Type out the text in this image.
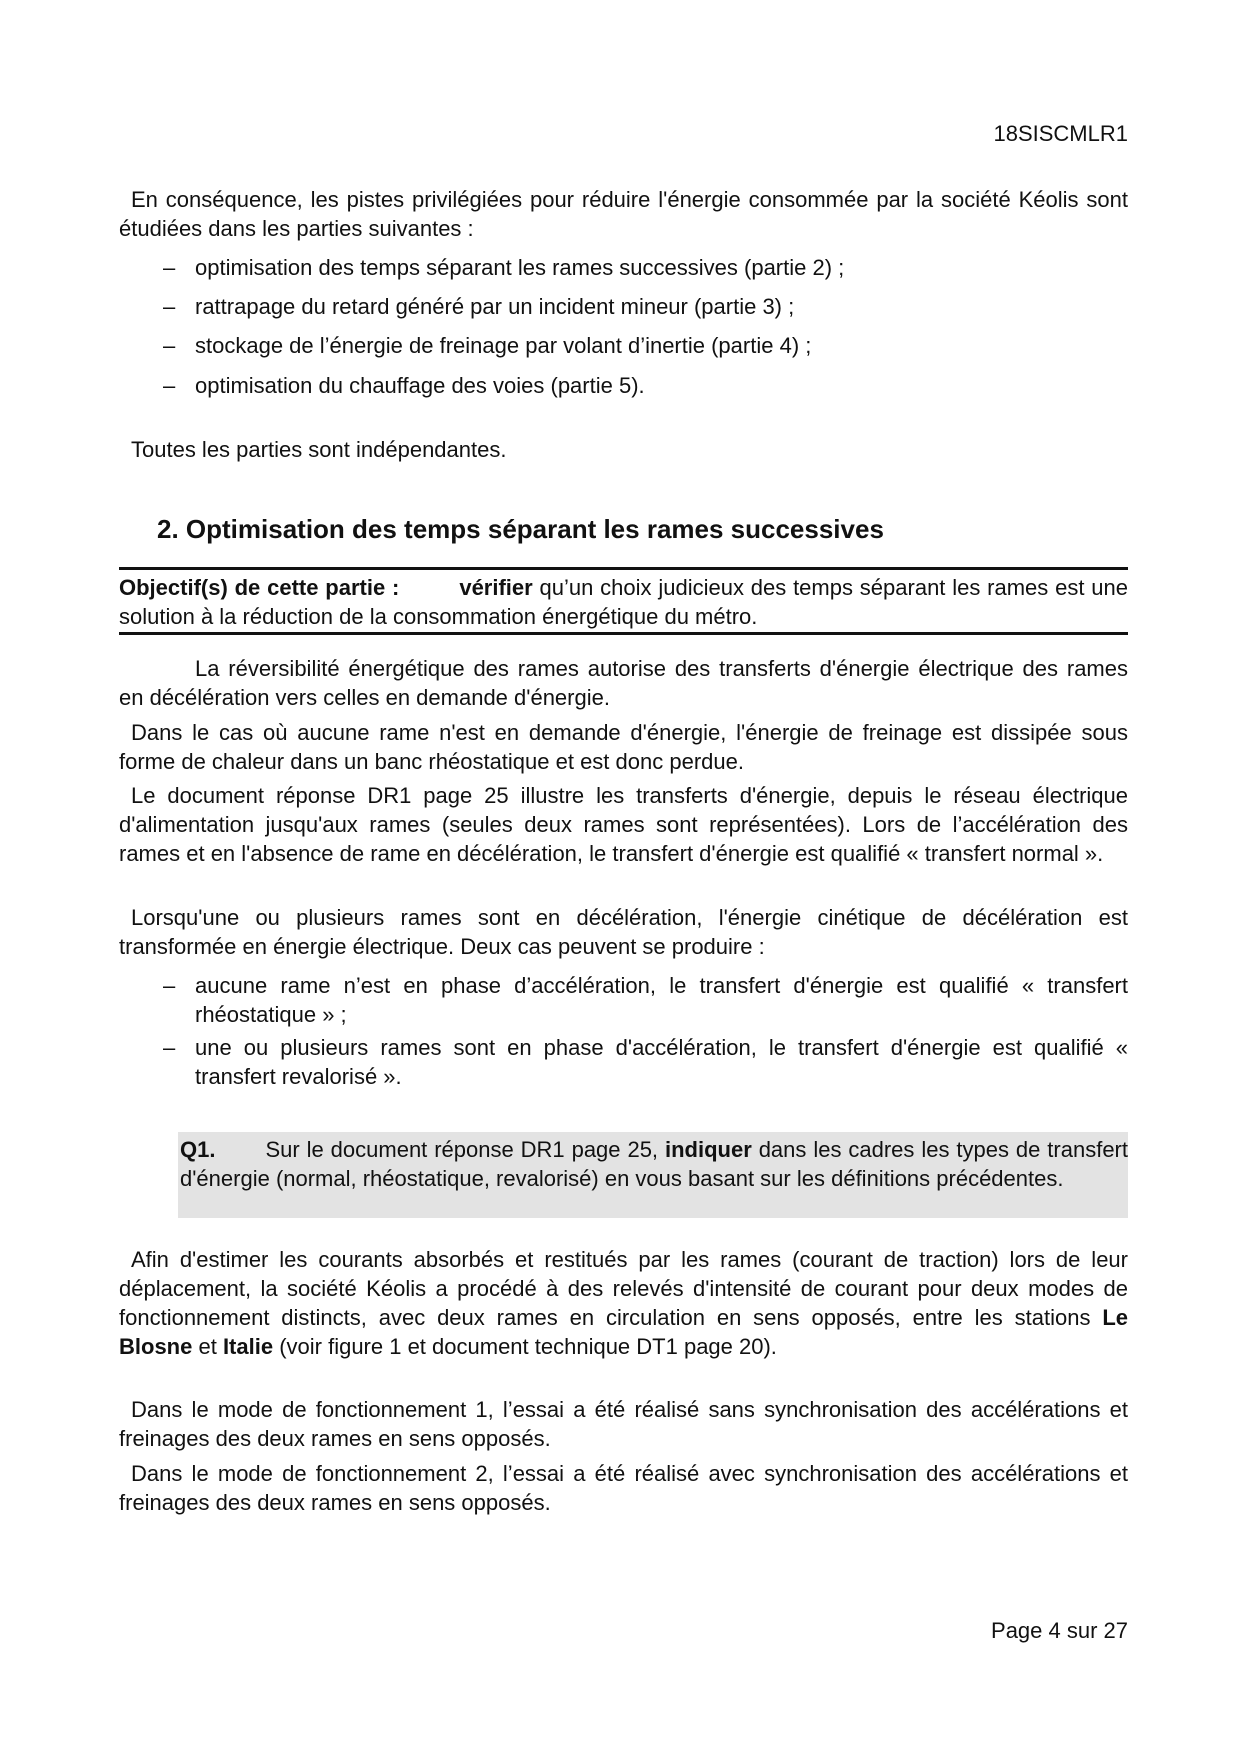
18SISCMLR1
En conséquence, les pistes privilégiées pour réduire l'énergie consommée par la société Kéolis sont étudiées dans les parties suivantes :
– optimisation des temps séparant les rames successives (partie 2) ;
– rattrapage du retard généré par un incident mineur (partie 3) ;
– stockage de l’énergie de freinage par volant d’inertie (partie 4) ;
– optimisation du chauffage des voies (partie 5).
Toutes les parties sont indépendantes.
2. Optimisation des temps séparant les rames successives
Objectif(s) de cette partie :	vérifier qu’un choix judicieux des temps séparant les rames est une solution à la réduction de la consommation énergétique du métro.
La réversibilité énergétique des rames autorise des transferts d'énergie électrique des rames en décélération vers celles en demande d'énergie.
Dans le cas où aucune rame n'est en demande d'énergie, l'énergie de freinage est dissipée sous forme de chaleur dans un banc rhéostatique et est donc perdue.
Le document réponse DR1 page 25 illustre les transferts d'énergie, depuis le réseau électrique d'alimentation jusqu'aux rames (seules deux rames sont représentées). Lors de l’accélération des rames et en l'absence de rame en décélération, le transfert d'énergie est qualifié « transfert normal ».
Lorsqu'une ou plusieurs rames sont en décélération, l'énergie cinétique de décélération est transformée en énergie électrique. Deux cas peuvent se produire :
– aucune rame n’est en phase d’accélération, le transfert d'énergie est qualifié « transfert rhéostatique » ;
– une ou plusieurs rames sont en phase d'accélération, le transfert d'énergie est qualifié « transfert revalorisé ».
Q1. Sur le document réponse DR1 page 25, indiquer dans les cadres les types de transfert d'énergie (normal, rhéostatique, revalorisé) en vous basant sur les définitions précédentes.
Afin d'estimer les courants absorbés et restitués par les rames (courant de traction) lors de leur déplacement, la société Kéolis a procédé à des relevés d'intensité de courant pour deux modes de fonctionnement distincts, avec deux rames en circulation en sens opposés, entre les stations Le Blosne et Italie (voir figure 1 et document technique DT1 page 20).
Dans le mode de fonctionnement 1, l’essai a été réalisé sans synchronisation des accélérations et freinages des deux rames en sens opposés.
Dans le mode de fonctionnement 2, l’essai a été réalisé avec synchronisation des accélérations et freinages des deux rames en sens opposés.
Page 4 sur 27
